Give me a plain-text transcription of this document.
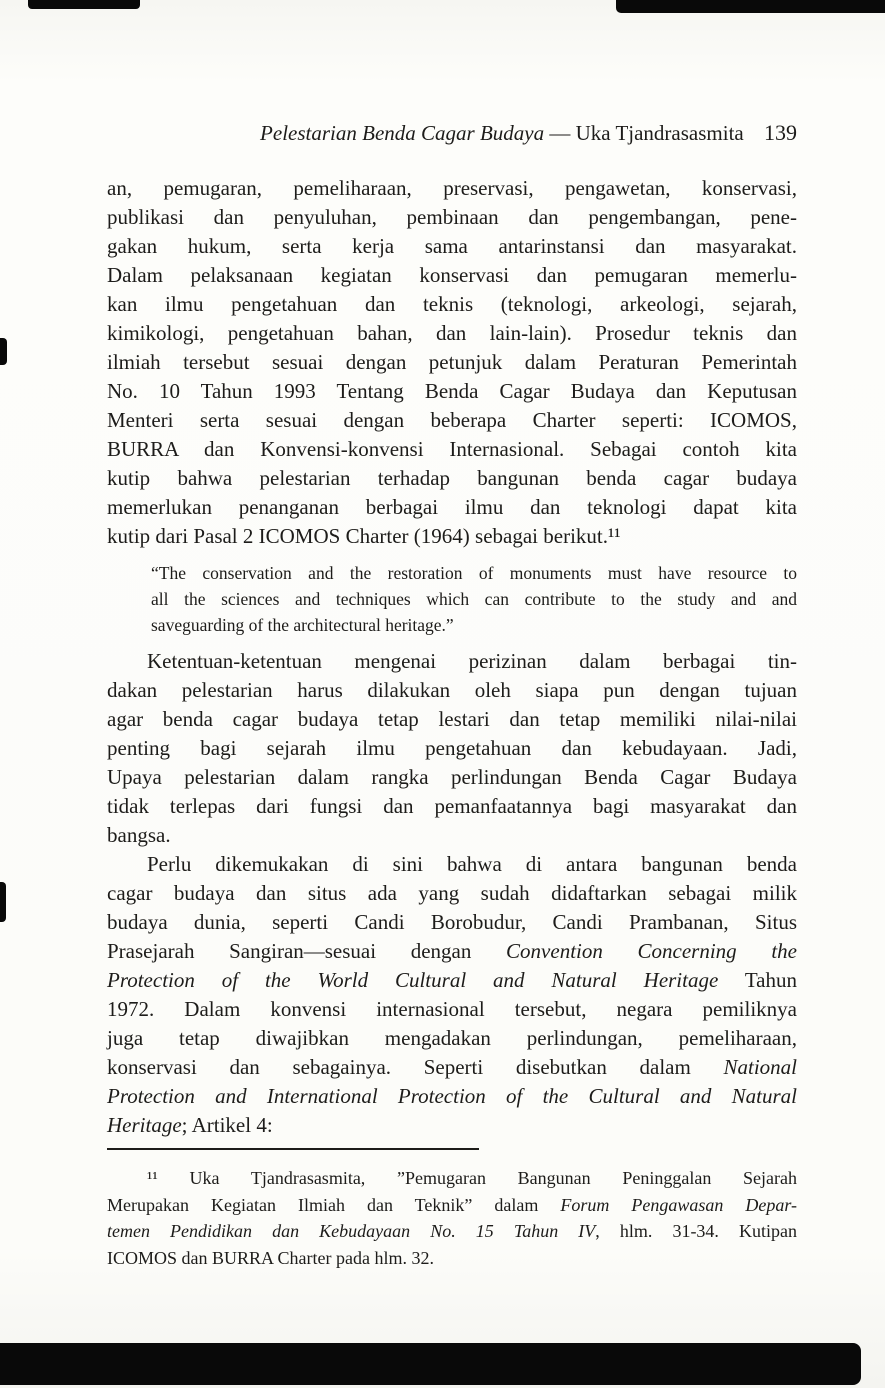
Pelestarian Benda Cagar Budaya — Uka Tjandrasasmita 139
an, pemugaran, pemeliharaan, preservasi, pengawetan, konservasi,
publikasi dan penyuluhan, pembinaan dan pengembangan, pene-
gakan hukum, serta kerja sama antarinstansi dan masyarakat.
Dalam pelaksanaan kegiatan konservasi dan pemugaran memerlu-
kan ilmu pengetahuan dan teknis (teknologi, arkeologi, sejarah,
kimikologi, pengetahuan bahan, dan lain-lain). Prosedur teknis dan
ilmiah tersebut sesuai dengan petunjuk dalam Peraturan Pemerintah
No. 10 Tahun 1993 Tentang Benda Cagar Budaya dan Keputusan
Menteri serta sesuai dengan beberapa Charter seperti: ICOMOS,
BURRA dan Konvensi-konvensi Internasional. Sebagai contoh kita
kutip bahwa pelestarian terhadap bangunan benda cagar budaya
memerlukan penanganan berbagai ilmu dan teknologi dapat kita
kutip dari Pasal 2 ICOMOS Charter (1964) sebagai berikut.¹¹
“The conservation and the restoration of monuments must have resource to
all the sciences and techniques which can contribute to the study and and
saveguarding of the architectural heritage.”
Ketentuan-ketentuan mengenai perizinan dalam berbagai tin-
dakan pelestarian harus dilakukan oleh siapa pun dengan tujuan
agar benda cagar budaya tetap lestari dan tetap memiliki nilai-nilai
penting bagi sejarah ilmu pengetahuan dan kebudayaan. Jadi,
Upaya pelestarian dalam rangka perlindungan Benda Cagar Budaya
tidak terlepas dari fungsi dan pemanfaatannya bagi masyarakat dan
bangsa.
Perlu dikemukakan di sini bahwa di antara bangunan benda
cagar budaya dan situs ada yang sudah didaftarkan sebagai milik
budaya dunia, seperti Candi Borobudur, Candi Prambanan, Situs
Prasejarah Sangiran—sesuai dengan Convention Concerning the
Protection of the World Cultural and Natural Heritage Tahun
1972. Dalam konvensi internasional tersebut, negara pemiliknya
juga tetap diwajibkan mengadakan perlindungan, pemeliharaan,
konservasi dan sebagainya. Seperti disebutkan dalam National
Protection and International Protection of the Cultural and Natural
Heritage; Artikel 4:
¹¹ Uka Tjandrasasmita, ”Pemugaran Bangunan Peninggalan Sejarah
Merupakan Kegiatan Ilmiah dan Teknik” dalam Forum Pengawasan Depar-
temen Pendidikan dan Kebudayaan No. 15 Tahun IV, hlm. 31-34. Kutipan
ICOMOS dan BURRA Charter pada hlm. 32.
